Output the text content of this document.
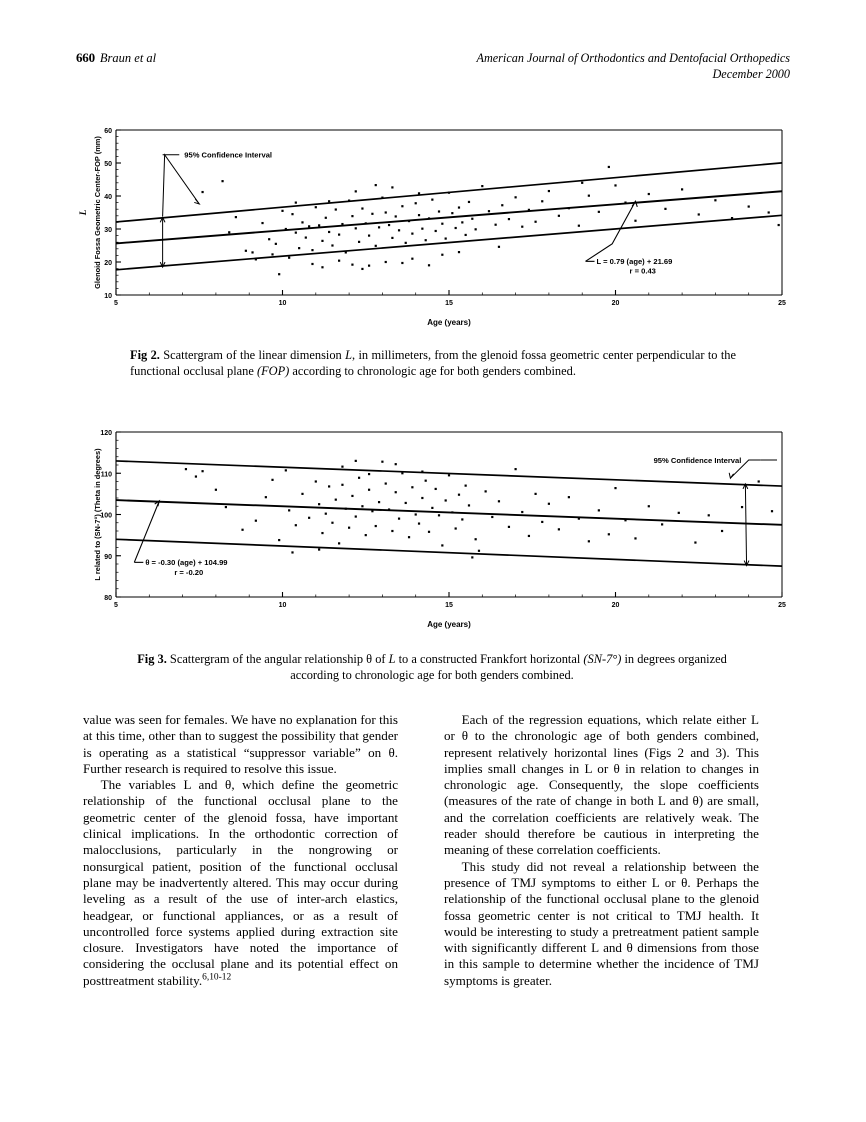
660 Braun et al	American Journal of Orthodontics and Dentofacial Orthopedics
December 2000
10
20
30
40
50
60
5	10	15	20	25
Glenoid Fossa Geometric Center-FOP (mm)
L
Age (years)
95% Confidence Interval
L = 0.79 (age) + 21.69
r = 0.43
Fig 2. Scattergram of the linear dimension L, in millimeters, from the glenoid fossa geometric center perpendicular to the functional occlusal plane (FOP) according to chronologic age for both genders combined.
80
90
100
110
120
5	10	15	20	25
L related to (SN-7°) (Theta in degrees)
Age (years)
θ = -0.30 (age) + 104.99
r = -0.20
95% Confidence Interval
Fig 3. Scattergram of the angular relationship θ of L to a constructed Frankfort horizontal (SN-7°) in degrees organized according to chronologic age for both genders combined.

value was seen for females. We have no explanation for this at this time, other than to suggest the possibility that gender is operating as a statistical “suppressor variable” on θ. Further research is required to resolve this issue.

The variables L and θ, which define the geometric relationship of the functional occlusal plane to the geometric center of the glenoid fossa, have important clinical implications. In the orthodontic correction of malocclusions, particularly in the nongrowing or nonsurgical patient, position of the functional occlusal plane may be inadvertently altered. This may occur during leveling as a result of the use of inter-arch elastics, headgear, or functional appliances, or as a result of uncontrolled force systems applied during extraction site closure. Investigators have noted the importance of considering the occlusal plane and its potential effect on posttreatment stability.$^{6,10-12}$

Each of the regression equations, which relate either L or θ to the chronologic age of both genders combined, represent relatively horizontal lines (Figs 2 and 3). This implies small changes in L or θ in relation to changes in chronologic age. Consequently, the slope coefficients (measures of the rate of change in both L and θ) are small, and the correlation coefficients are relatively weak. The reader should therefore be cautious in interpreting the meaning of these correlation coefficients.

This study did not reveal a relationship between the presence of TMJ symptoms to either L or θ. Perhaps the relationship of the functional occlusal plane to the glenoid fossa geometric center is not critical to TMJ health. It would be interesting to study a pretreatment patient sample with significantly different L and θ dimensions from those in this sample to determine whether the incidence of TMJ symptoms is greater.
